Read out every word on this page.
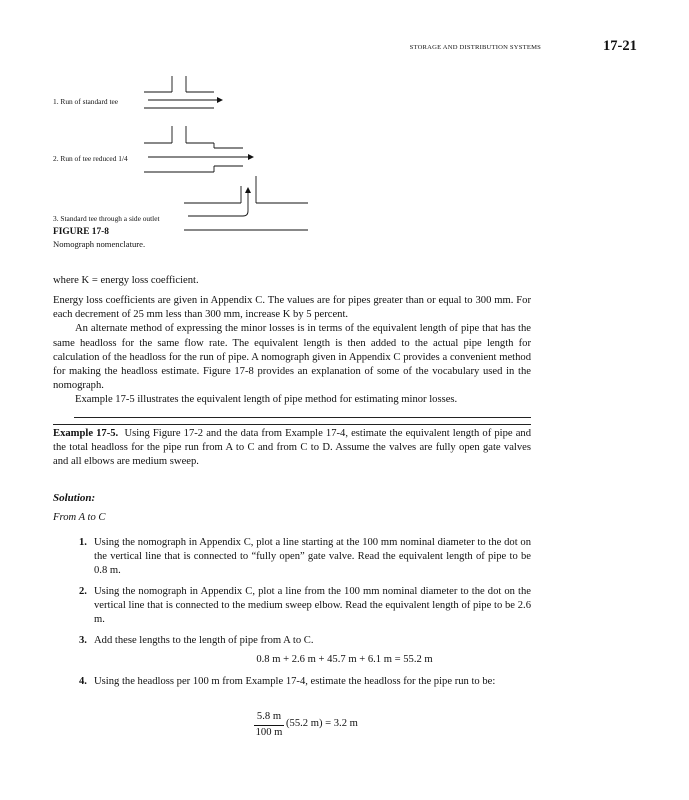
STORAGE AND DISTRIBUTION SYSTEMS	17-21
1. Run of standard tee
2. Run of tee reduced 1/4
3. Standard tee through a side outlet
FIGURE 17-8
Nomograph nomenclature.
where K = energy loss coefficient.

Energy loss coefficients are given in Appendix C. The values are for pipes greater than or equal to 300 mm. For each decrement of 25 mm less than 300 mm, increase K by 5 percent.

An alternate method of expressing the minor losses is in terms of the equivalent length of pipe that has the same headloss for the same flow rate. The equivalent length is then added to the actual pipe length for calculation of the headloss for the run of pipe. A nomograph given in Appendix C provides a convenient method for making the headloss estimate. Figure 17-8 provides an explanation of some of the vocabulary used in the nomograph.

Example 17-5 illustrates the equivalent length of pipe method for estimating minor losses.

Example 17-5. Using Figure 17-2 and the data from Example 17-4, estimate the equivalent length of pipe and the total headloss for the pipe run from A to C and from C to D. Assume the valves are fully open gate valves and all elbows are medium sweep.
Solution:
From A to C
1. Using the nomograph in Appendix C, plot a line starting at the 100 mm nominal diameter to the dot on the vertical line that is connected to “fully open” gate valve. Read the equivalent length of pipe to be 0.8 m.
2. Using the nomograph in Appendix C, plot a line from the 100 mm nominal diameter to the dot on the vertical line that is connected to the medium sweep elbow. Read the equivalent length of pipe to be 2.6 m.
3. Add these lengths to the length of pipe from A to C.
0.8 m + 2.6 m + 45.7 m + 6.1 m = 55.2 m
4. Using the headloss per 100 m from Example 17-4, estimate the headloss for the pipe run to be:
5.8 m
100 m
(55.2 m) = 3.2 m
